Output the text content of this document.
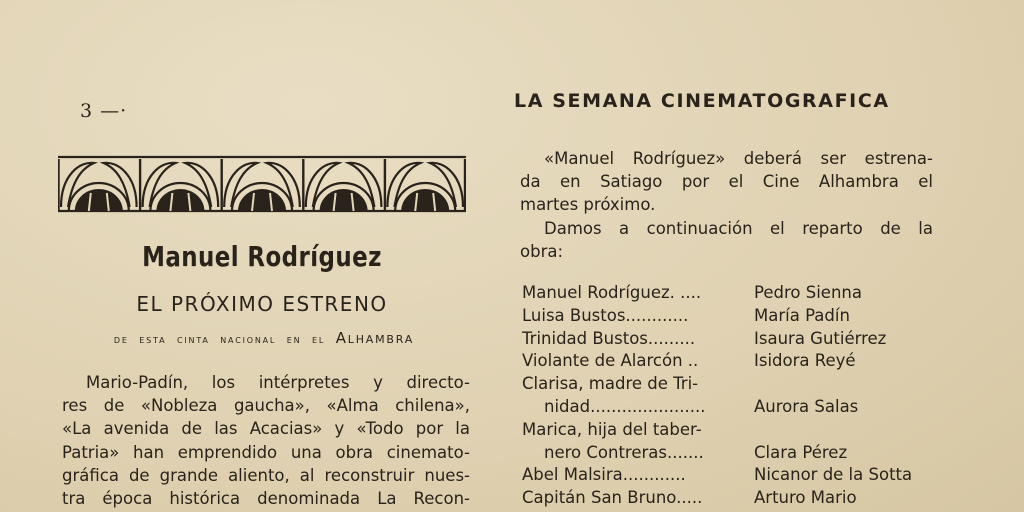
3 —·	LA SEMANA CINEMATOGRAFICA
Manuel Rodríguez
EL PRÓXIMO ESTRENO
de esta cinta nacional en el Alhambra
Mario-Padín, los intérpretes y directo-
res de «Nobleza gaucha», «Alma chilena»,
«La avenida de las Acacias» y «Todo por la
Patria» han emprendido una obra cinemato-
gráfica de grande aliento, al reconstruir nues-
tra época histórica denominada La Recon-
«Manuel Rodríguez» deberá ser estrena-
da en Satiago por el Cine Alhambra el
martes próximo.
Damos a continuación el reparto de la
obra:
Manuel Rodríguez. ....	Pedro Sienna
Luisa Bustos............	María Padín
Trinidad Bustos.........	Isaura Gutiérrez
Violante de Alarcón ..	Isidora Reyé
Clarisa, madre de Tri-
nidad......................	Aurora Salas
Marica, hija del taber-
nero Contreras.......	Clara Pérez
Abel Malsira............	Nicanor de la Sotta
Capitán San Bruno.....	Arturo Mario
